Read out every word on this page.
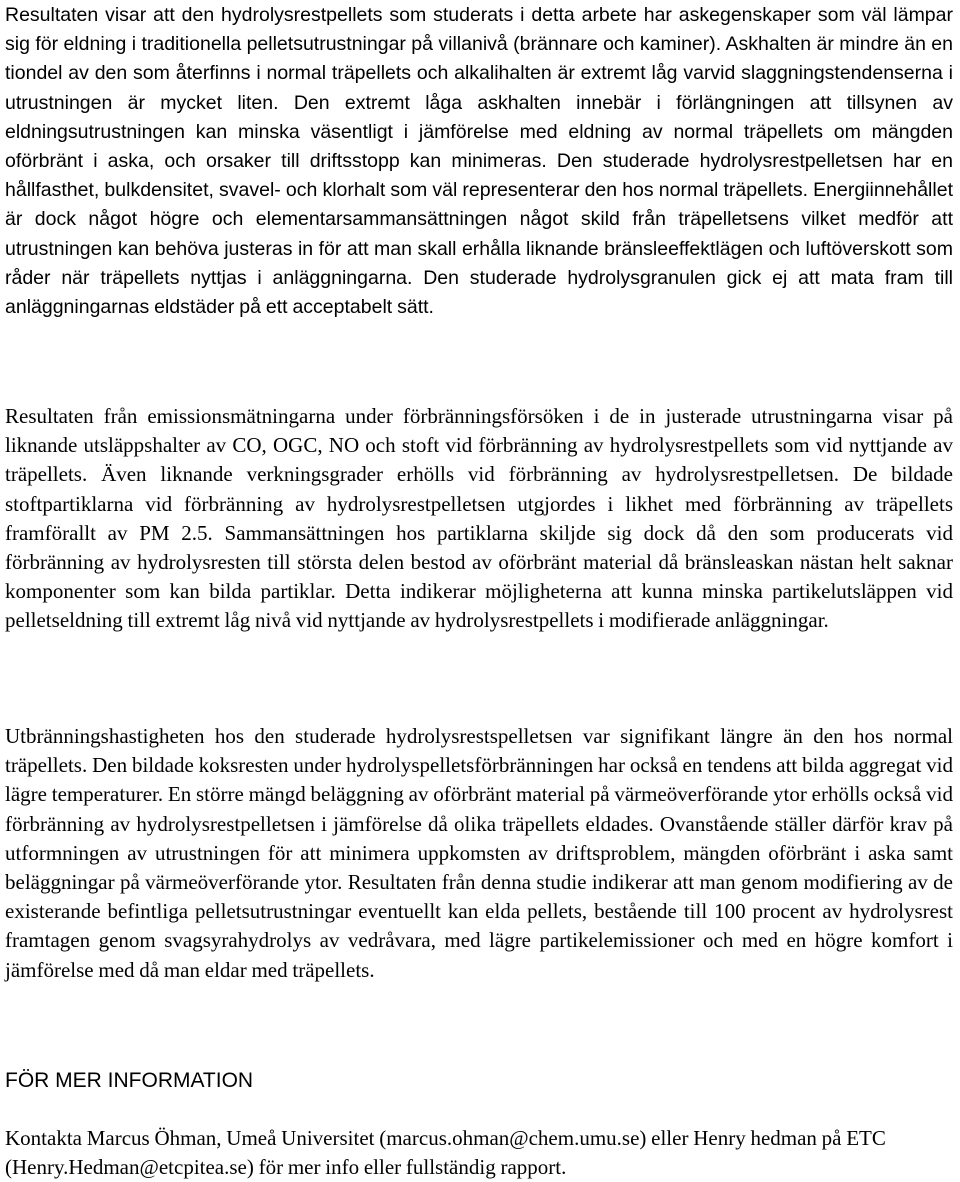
Resultaten visar att den hydrolysrestpellets som studerats i detta arbete har askegenskaper som väl lämpar sig för eldning i traditionella pelletsutrustningar på villanivå (brännare och kaminer). Askhalten är mindre än en tiondel av den som återfinns i normal träpellets och alkalihalten är extremt låg varvid slaggningstendenserna i utrustningen är mycket liten. Den extremt låga askhalten innebär i förlängningen att tillsynen av eldningsutrustningen kan minska väsentligt i jämförelse med eldning av normal träpellets om mängden oförbränt i aska, och orsaker till driftsstopp kan minimeras. Den studerade hydrolysrestpelletsen har en hållfasthet, bulkdensitet, svavel- och klorhalt som väl representerar den hos normal träpellets. Energiinnehållet är dock något högre och elementarsammansättningen något skild från träpelletsens vilket medför att utrustningen kan behöva justeras in för att man skall erhålla liknande bränsleeffektlägen och luftöverskott som råder när träpellets nyttjas i anläggningarna. Den studerade hydrolysgranulen gick ej att mata fram till anläggningarnas eldstäder på ett acceptabelt sätt.

Resultaten från emissionsmätningarna under förbränningsförsöken i de in justerade utrustningarna visar på liknande utsläppshalter av CO, OGC, NO och stoft vid förbränning av hydrolysrestpellets som vid nyttjande av träpellets. Även liknande verkningsgrader erhölls vid förbränning av hydrolysrestpelletsen. De bildade stoftpartiklarna vid förbränning av hydrolysrestpelletsen utgjordes i likhet med förbränning av träpellets framförallt av PM 2.5. Sammansättningen hos partiklarna skiljde sig dock då den som producerats vid förbränning av hydrolysresten till största delen bestod av oförbränt material då bränsleaskan nästan helt saknar komponenter som kan bilda partiklar. Detta indikerar möjligheterna att kunna minska partikelutsläppen vid pelletseldning till extremt låg nivå vid nyttjande av hydrolysrestpellets i modifierade anläggningar.

Utbränningshastigheten hos den studerade hydrolysrestspelletsen var signifikant längre än den hos normal träpellets. Den bildade koksresten under hydrolyspelletsförbränningen har också en tendens att bilda aggregat vid lägre temperaturer. En större mängd beläggning av oförbränt material på värmeöverförande ytor erhölls också vid förbränning av hydrolysrestpelletsen i jämförelse då olika träpellets eldades. Ovanstående ställer därför krav på utformningen av utrustningen för att minimera uppkomsten av driftsproblem, mängden oförbränt i aska samt beläggningar på värmeöverförande ytor. Resultaten från denna studie indikerar att man genom modifiering av de existerande befintliga pelletsutrustningar eventuellt kan elda pellets, bestående till 100 procent av hydrolysrest framtagen genom svagsyrahydrolys av vedråvara, med lägre partikelemissioner och med en högre komfort i jämförelse med då man eldar med träpellets.

FÖR MER INFORMATION

Kontakta Marcus Öhman, Umeå Universitet (marcus.ohman@chem.umu.se) eller Henry hedman på ETC (Henry.Hedman@etcpitea.se) för mer info eller fullständig rapport.
